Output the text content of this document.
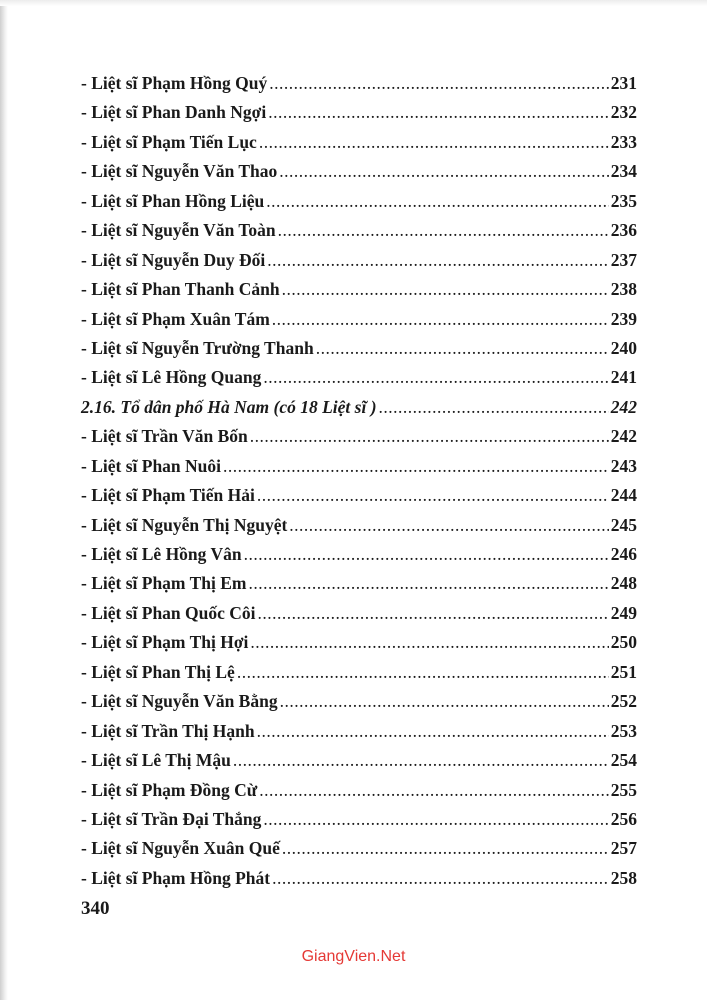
- Liệt sĩ Phạm Hồng Quý .....	231
- Liệt sĩ Phan Danh Ngợi .....	232
- Liệt sĩ Phạm Tiến Lục .....	233
- Liệt sĩ Nguyễn Văn Thao .....	234
- Liệt sĩ Phan Hồng Liệu .....	235
- Liệt sĩ Nguyễn Văn Toàn .....	236
- Liệt sĩ Nguyễn Duy Đối .....	237
- Liệt sĩ Phan Thanh Cảnh .....	238
- Liệt sĩ Phạm Xuân Tám .....	239
- Liệt sĩ Nguyễn Trường Thanh .....	240
- Liệt sĩ Lê Hồng Quang .....	241
2.16. Tổ dân phố Hà Nam (có 18 Liệt sĩ ) .....	242
- Liệt sĩ Trần Văn Bốn .....	242
- Liệt sĩ Phan Nuôi .....	243
- Liệt sĩ Phạm Tiến Hải .....	244
- Liệt sĩ Nguyễn Thị Nguyệt .....	245
- Liệt sĩ Lê Hồng Vân .....	246
- Liệt sĩ Phạm Thị Em .....	248
- Liệt sĩ Phan Quốc Côi .....	249
- Liệt sĩ Phạm Thị Hợi .....	250
- Liệt sĩ Phan Thị Lệ .....	251
- Liệt sĩ Nguyễn Văn Bằng .....	252
- Liệt sĩ Trần Thị Hạnh .....	253
- Liệt sĩ Lê Thị Mậu .....	254
- Liệt sĩ Phạm Đồng Cừ .....	255
- Liệt sĩ Trần Đại Thắng .....	256
- Liệt sĩ Nguyễn Xuân Quế .....	257
- Liệt sĩ Phạm Hồng Phát .....	258
340
GiangVien.Net
